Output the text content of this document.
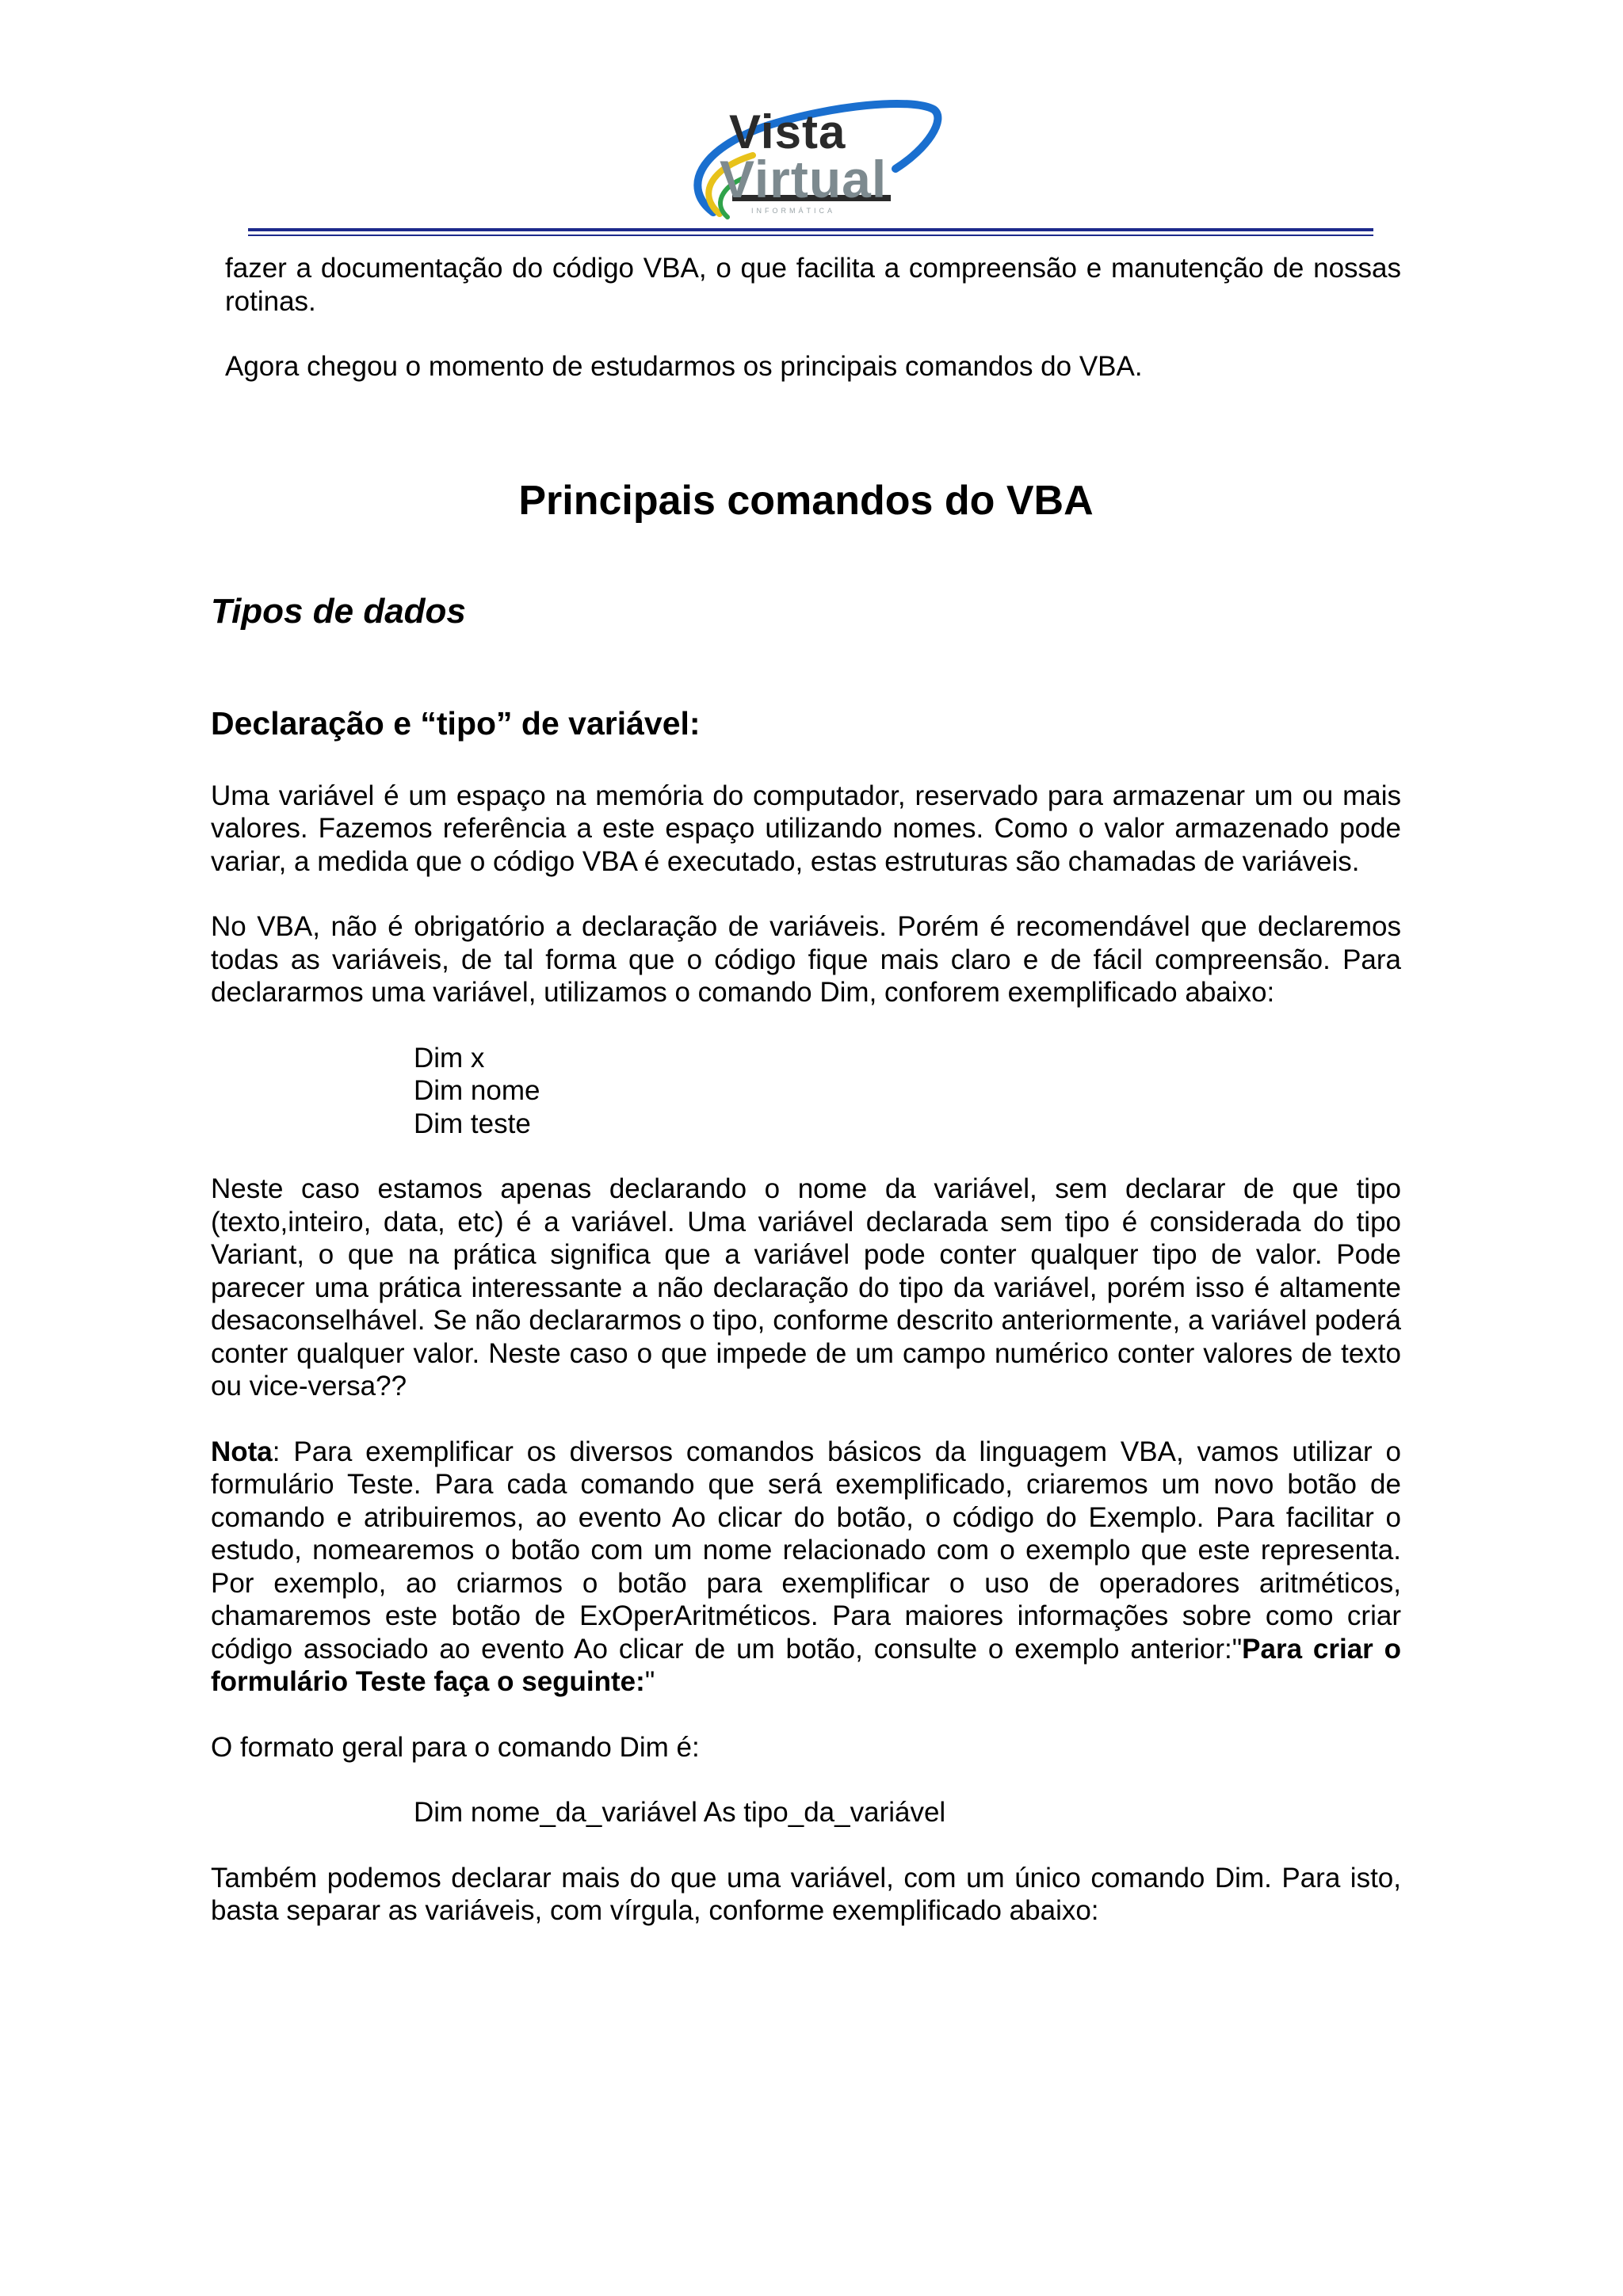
Vista
Virtual
INFORMÁTICA

fazer a documentação do código VBA, o que facilita a compreensão e manutenção de nossas rotinas.

Agora chegou o momento de estudarmos os principais comandos do VBA.

Principais comandos do VBA
Tipos de dados
Declaração e “tipo” de variável:

Uma variável é um espaço na memória do computador, reservado para armazenar um ou mais valores. Fazemos referência a este espaço utilizando nomes. Como o valor armazenado pode variar, a medida que o código VBA é executado, estas estruturas são chamadas de variáveis.

No VBA, não é obrigatório a declaração de variáveis. Porém é recomendável que declaremos todas as variáveis, de tal forma que o código fique mais claro e de fácil compreensão. Para declararmos uma variável, utilizamos o comando Dim, conforem exemplificado abaixo:

Dim x

Dim nome

Dim teste

Neste caso estamos apenas declarando o nome da variável, sem declarar de que tipo (texto,inteiro, data, etc) é a variável. Uma variável declarada sem tipo é considerada do tipo Variant, o que na prática significa que a variável pode conter qualquer tipo de valor. Pode parecer uma prática interessante a não declaração do tipo da variável, porém isso é altamente desaconselhável. Se não declararmos o tipo, conforme descrito anteriormente, a variável poderá conter qualquer valor. Neste caso o que impede de um campo numérico conter valores de texto ou vice-versa??

Nota: Para exemplificar os diversos comandos básicos da linguagem VBA, vamos utilizar o formulário Teste. Para cada comando que será exemplificado, criaremos um novo botão de comando e atribuiremos, ao evento Ao clicar do botão, o código do Exemplo. Para facilitar o estudo, nomearemos o botão com um nome relacionado com o exemplo que este representa. Por exemplo, ao criarmos o botão para exemplificar o uso de operadores aritméticos, chamaremos este botão de ExOperAritméticos. Para maiores informações sobre como criar código associado ao evento Ao clicar de um botão, consulte o exemplo anterior:"Para criar o formulário Teste faça o seguinte:"

O formato geral para o comando Dim é:

Dim nome_da_variável As tipo_da_variável

Também podemos declarar mais do que uma variável, com um único comando Dim. Para isto, basta separar as variáveis, com vírgula, conforme exemplificado abaixo:
